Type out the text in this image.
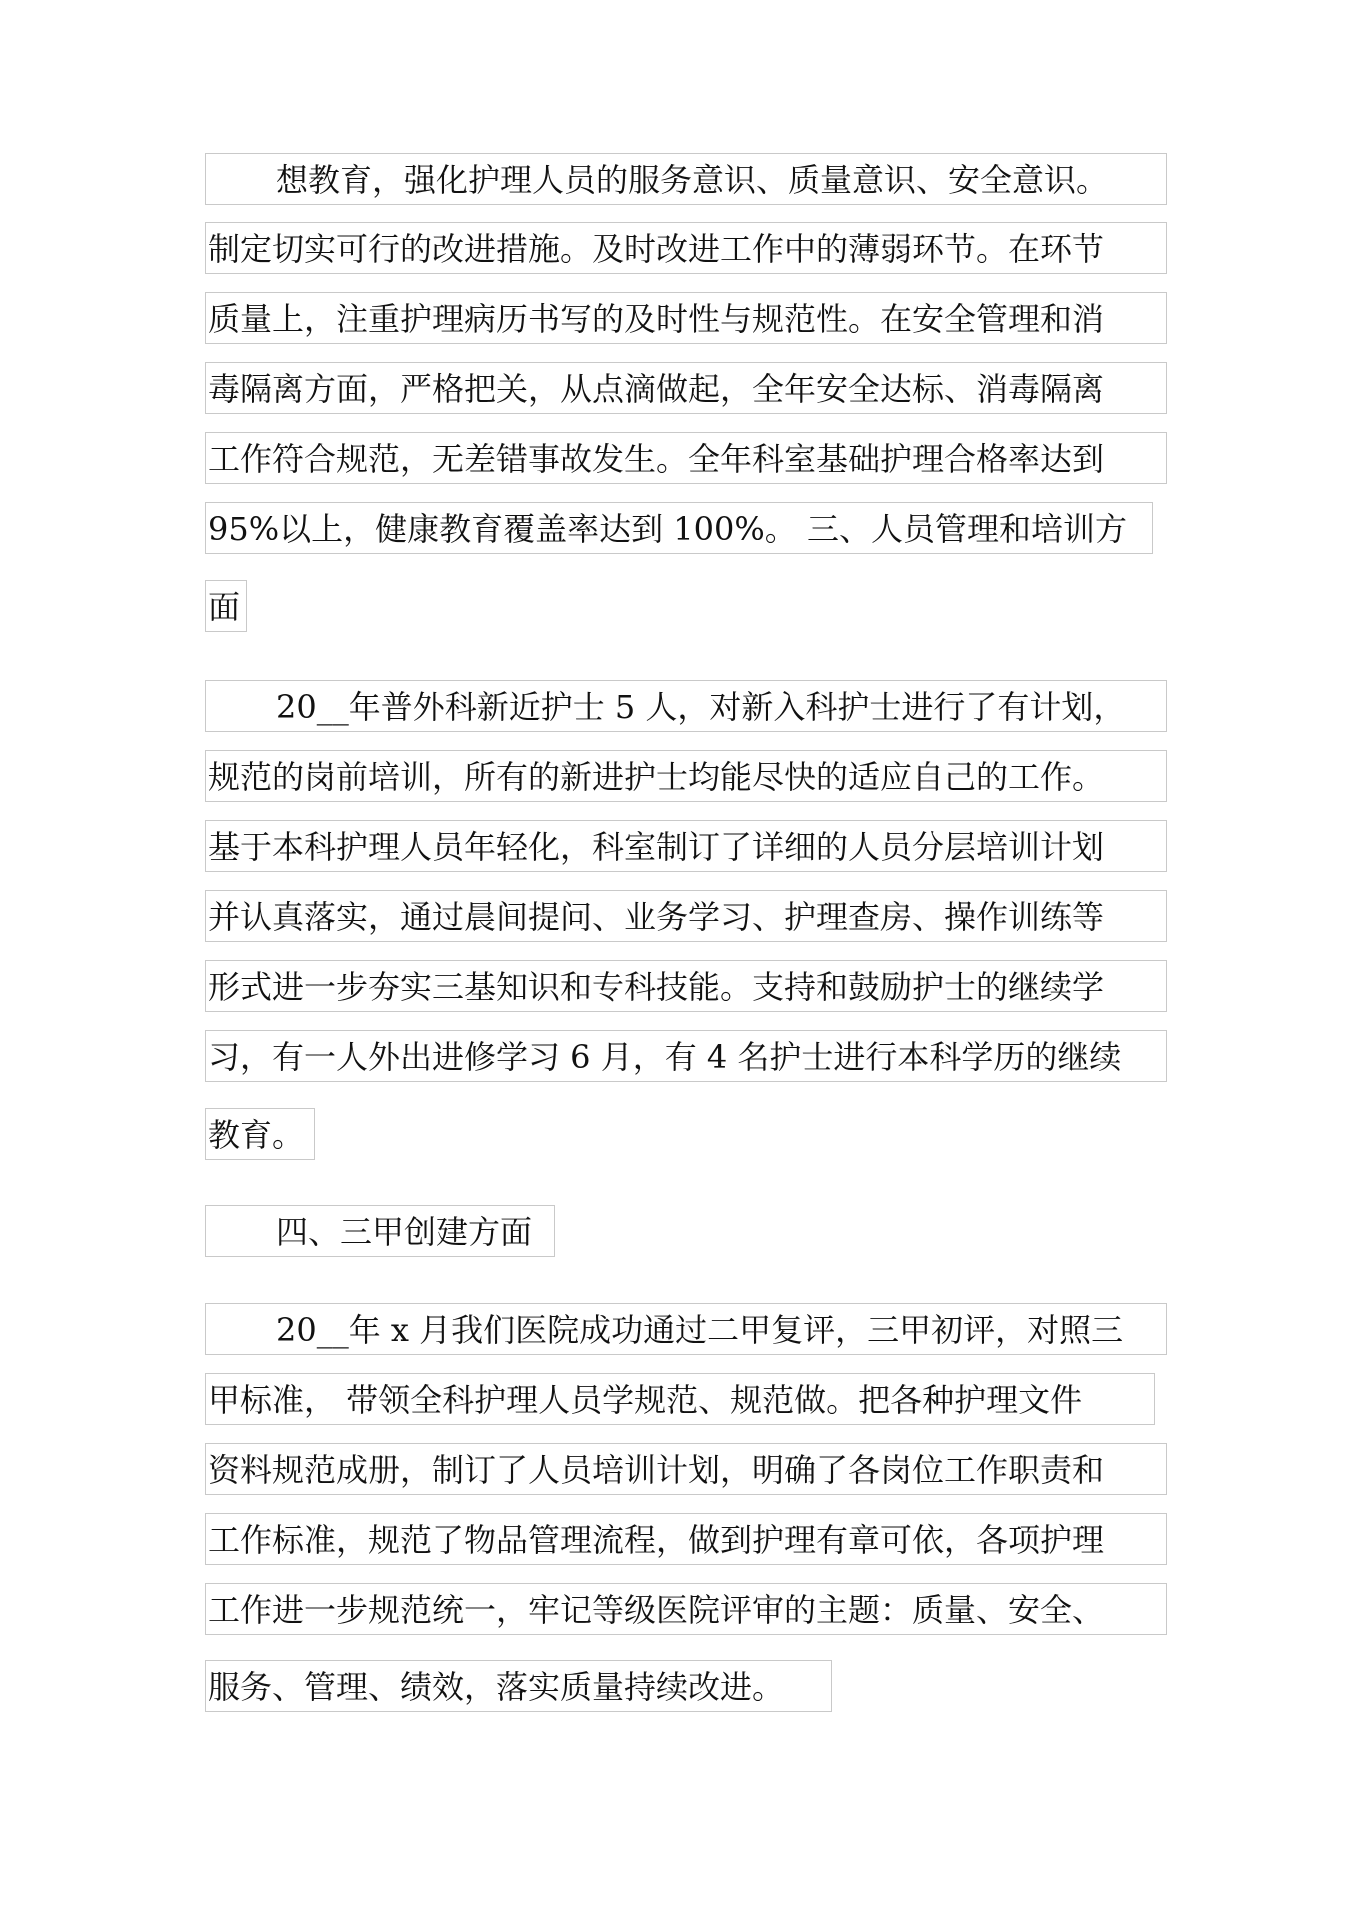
想教育，强化护理人员的服务意识、质量意识、安全意识。
制定切实可行的改进措施。及时改进工作中的薄弱环节。在环节
质量上，注重护理病历书写的及时性与规范性。在安全管理和消
毒隔离方面，严格把关，从点滴做起，全年安全达标、消毒隔离
工作符合规范，无差错事故发生。全年科室基础护理合格率达到
95%以上，健康教育覆盖率达到 100%。 三、人员管理和培训方
面
20__年普外科新近护士 5 人，对新入科护士进行了有计划，
规范的岗前培训，所有的新进护士均能尽快的适应自己的工作。
基于本科护理人员年轻化，科室制订了详细的人员分层培训计划
并认真落实，通过晨间提问、业务学习、护理查房、操作训练等
形式进一步夯实三基知识和专科技能。支持和鼓励护士的继续学
习，有一人外出进修学习 6 月，有 4 名护士进行本科学历的继续
教育。
四、三甲创建方面
20__年 x 月我们医院成功通过二甲复评，三甲初评，对照三
甲标准， 带领全科护理人员学规范、规范做。把各种护理文件
资料规范成册，制订了人员培训计划，明确了各岗位工作职责和
工作标准，规范了物品管理流程，做到护理有章可依，各项护理
工作进一步规范统一，牢记等级医院评审的主题：质量、安全、
服务、管理、绩效，落实质量持续改进。
